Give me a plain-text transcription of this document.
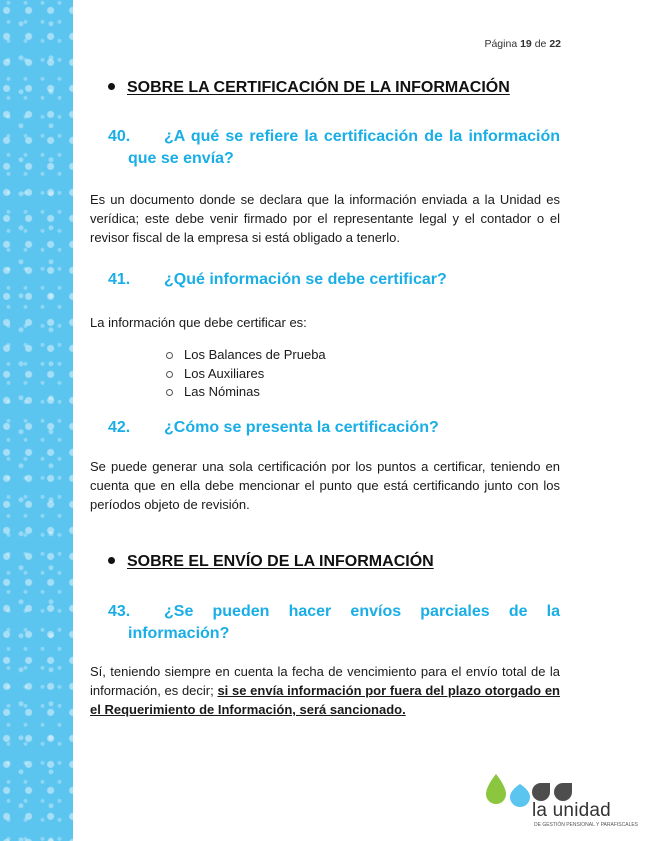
Página 19 de 22
SOBRE LA CERTIFICACIÓN DE LA INFORMACIÓN
40.	¿A qué se refiere la certificación de la información
que se envía?
Es un documento donde se declara que la información enviada a la Unidad es verídica; este debe venir firmado por el representante legal y el contador o el revisor fiscal de la empresa si está obligado a tenerlo.
41. ¿Qué información se debe certificar?
La información que debe certificar es:
Los Balances de Prueba
Los Auxiliares
Las Nóminas
42. ¿Cómo se presenta la certificación?
Se puede generar una sola certificación por los puntos a certificar, teniendo en cuenta que en ella debe mencionar el punto que está certificando junto con los períodos objeto de revisión.
SOBRE EL ENVÍO DE LA INFORMACIÓN
43.	¿Se pueden hacer envíos parciales de la
información?
Sí, teniendo siempre en cuenta la fecha de vencimiento para el envío total de la información, es decir; si se envía información por fuera del plazo otorgado en el Requerimiento de Información, será sancionado.
la unidad
DE GESTIÓN PENSIONAL Y PARAFISCALES
